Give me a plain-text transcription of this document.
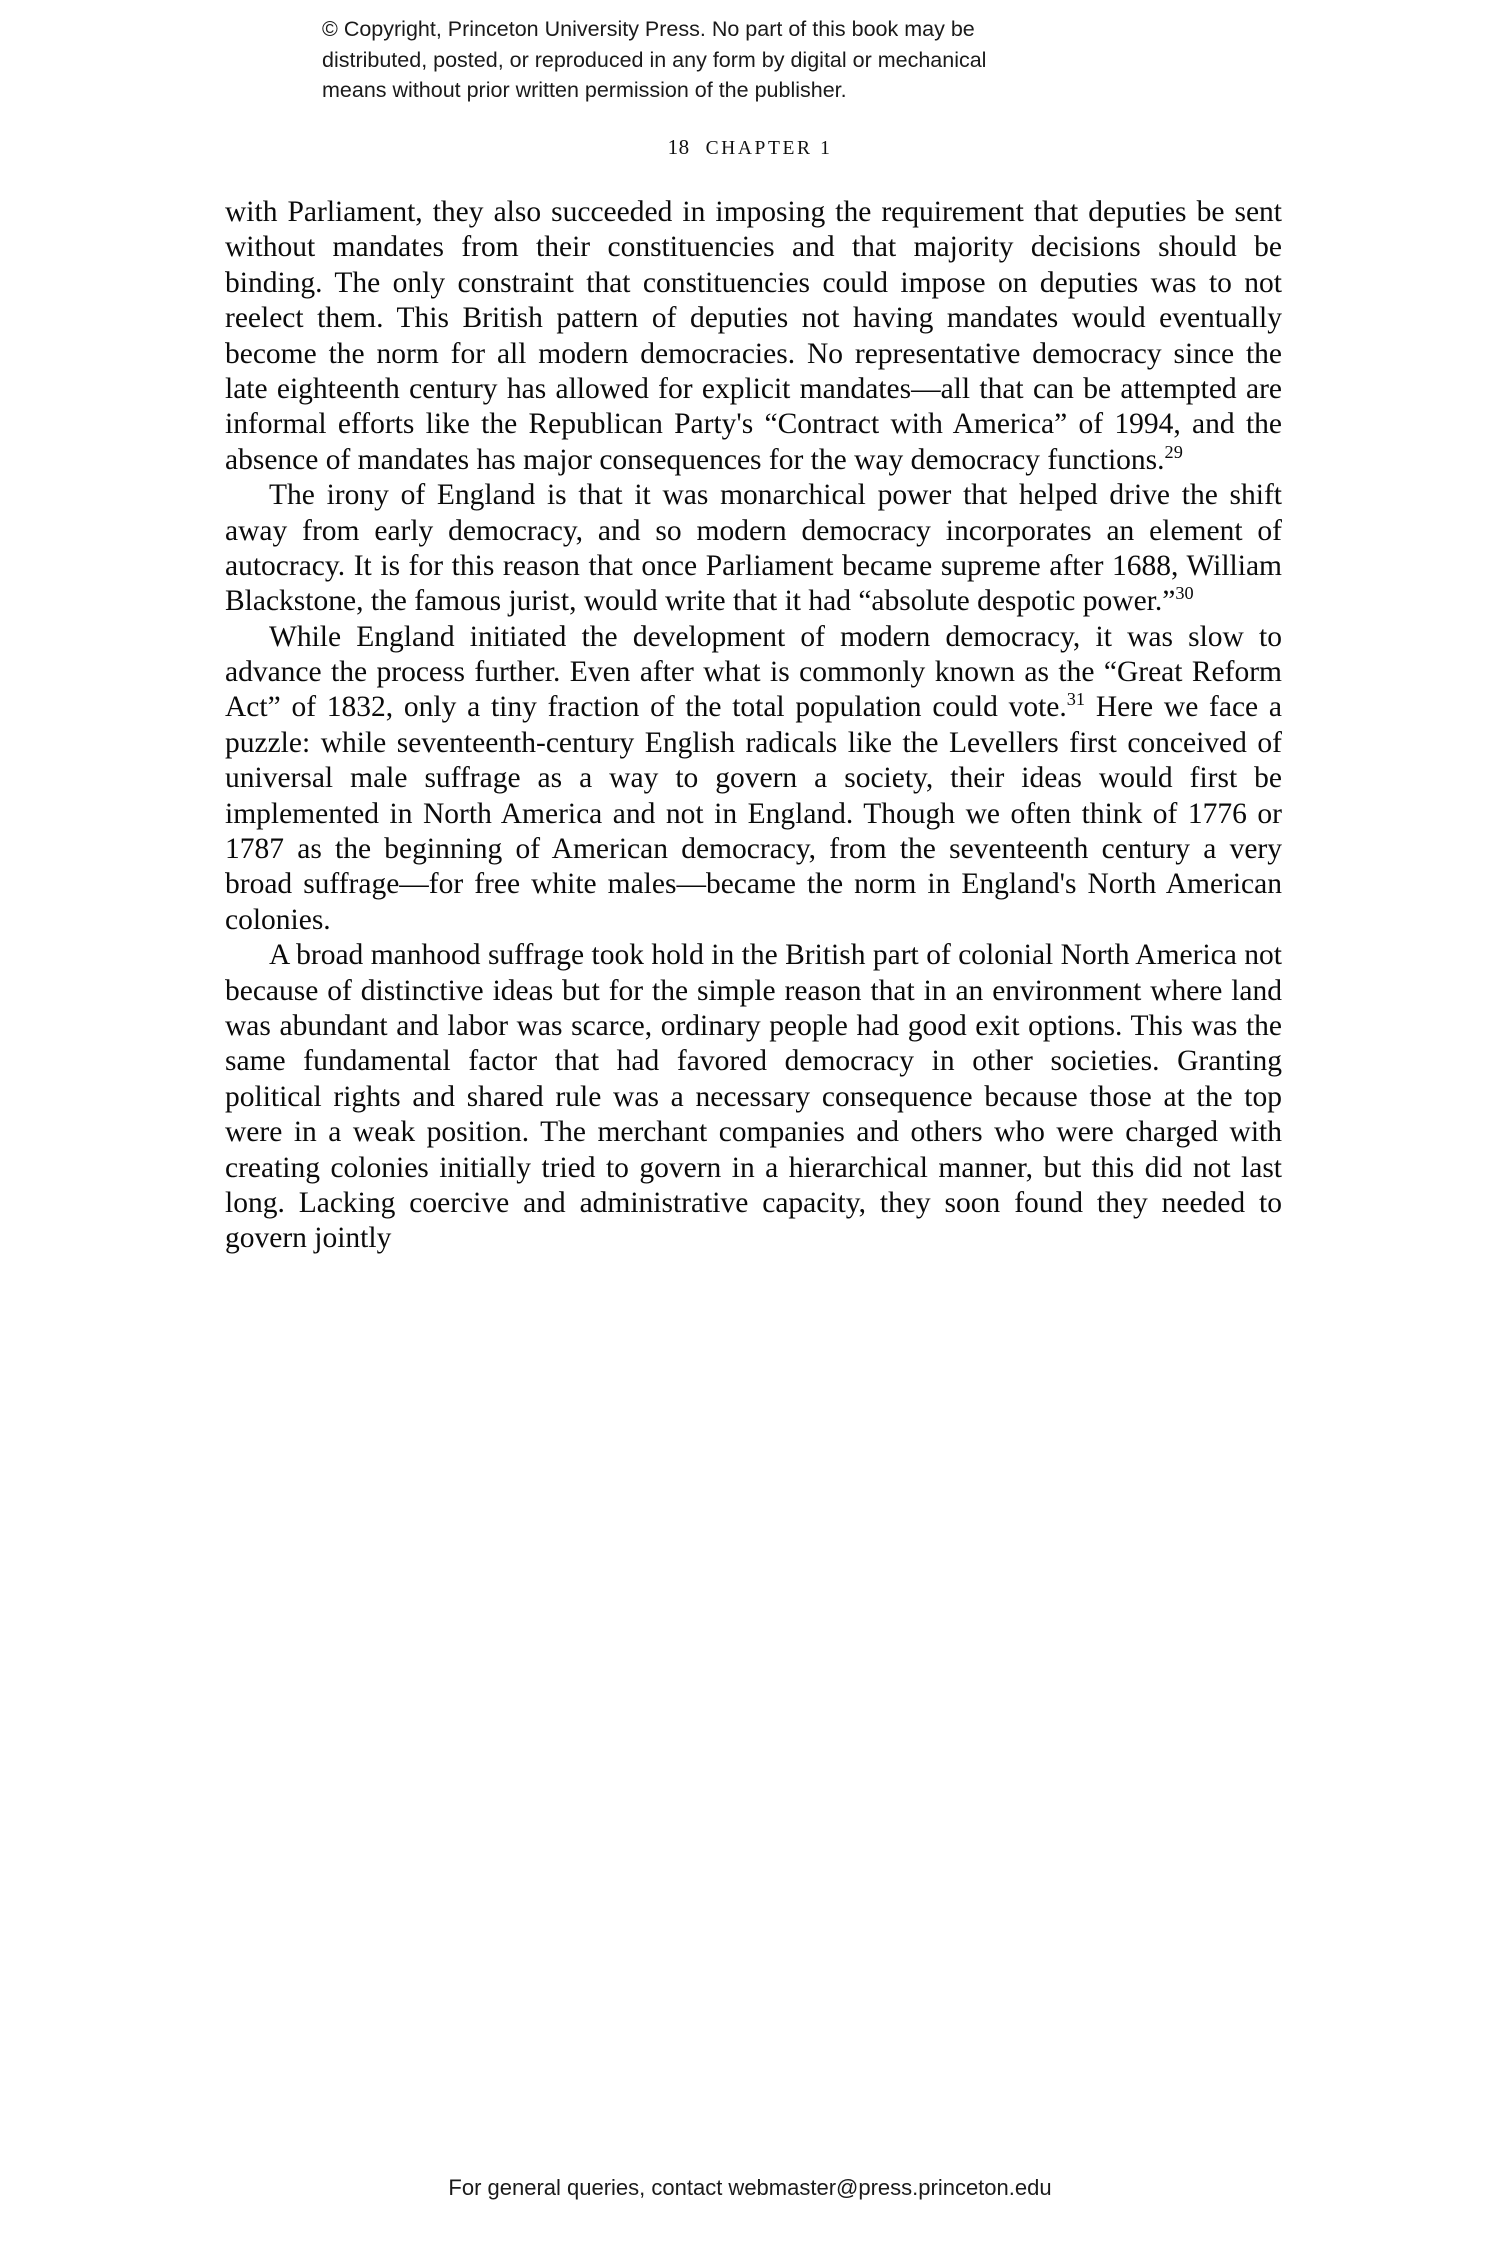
© Copyright, Princeton University Press. No part of this book may be
distributed, posted, or reproduced in any form by digital or mechanical
means without prior written permission of the publisher.
18 CHAPTER 1

with Parliament, they also succeeded in imposing the requirement that deputies be sent without mandates from their constituencies and that majority decisions should be binding. The only constraint that constituencies could impose on deputies was to not reelect them. This British pattern of deputies not having mandates would eventually become the norm for all modern democracies. No representative democracy since the late eighteenth century has allowed for explicit mandates—all that can be attempted are informal efforts like the Republican Party's “Contract with America” of 1994, and the absence of mandates has major consequences for the way democracy functions.$^{29}$

The irony of England is that it was monarchical power that helped drive the shift away from early democracy, and so modern democracy incorporates an element of autocracy. It is for this reason that once Parliament became supreme after 1688, William Blackstone, the famous jurist, would write that it had “absolute despotic power.”$^{30}$

While England initiated the development of modern democracy, it was slow to advance the process further. Even after what is commonly known as the “Great Reform Act” of 1832, only a tiny fraction of the total population could vote.$^{31}$ Here we face a puzzle: while seventeenth-century English radicals like the Levellers first conceived of universal male suffrage as a way to govern a society, their ideas would first be implemented in North America and not in England. Though we often think of 1776 or 1787 as the beginning of American democracy, from the seventeenth century a very broad suffrage—for free white males—became the norm in England's North American colonies.

A broad manhood suffrage took hold in the British part of colonial North America not because of distinctive ideas but for the simple reason that in an environment where land was abundant and labor was scarce, ordinary people had good exit options. This was the same fundamental factor that had favored democracy in other societies. Granting political rights and shared rule was a necessary consequence because those at the top were in a weak position. The merchant companies and others who were charged with creating colonies initially tried to govern in a hierarchical manner, but this did not last long. Lacking coercive and administrative capacity, they soon found they needed to govern jointly

For general queries, contact webmaster@press.princeton.edu
